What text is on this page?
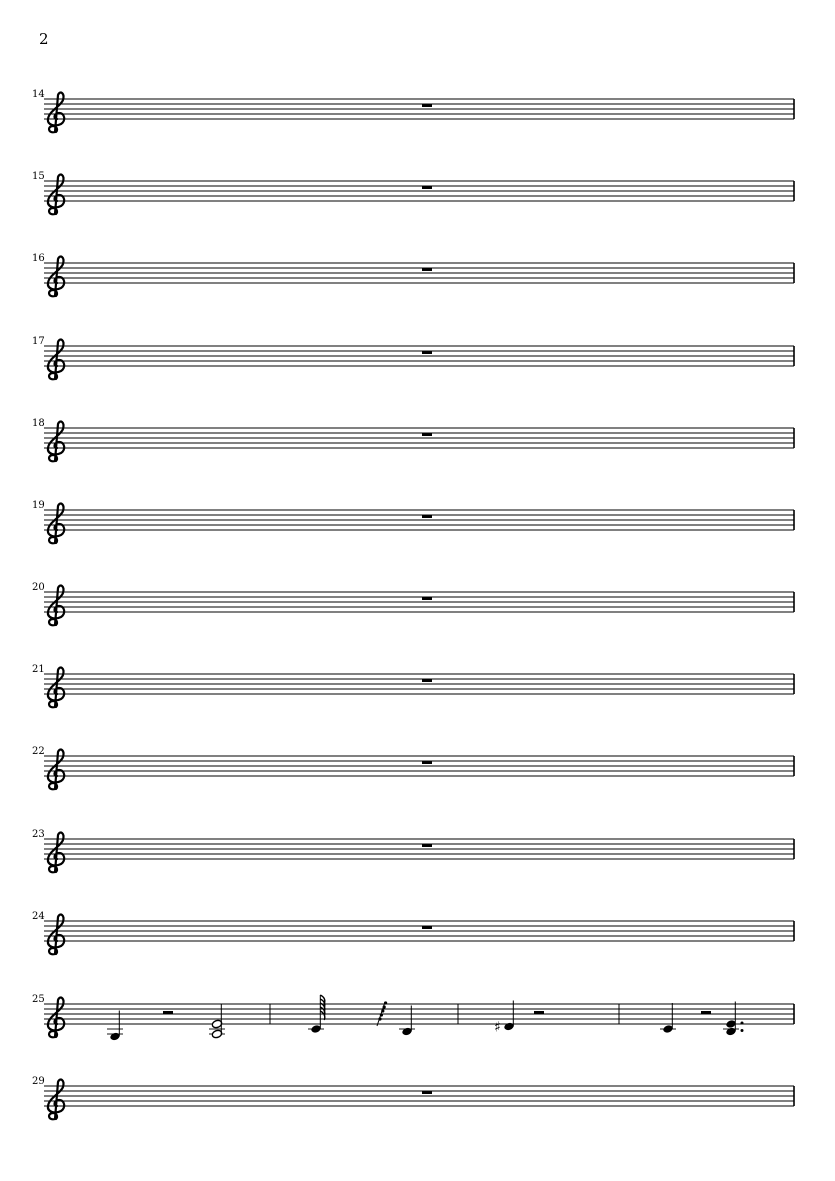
2
14
15
16
17
18
19
20
21
22
23
24
25
♯
29
